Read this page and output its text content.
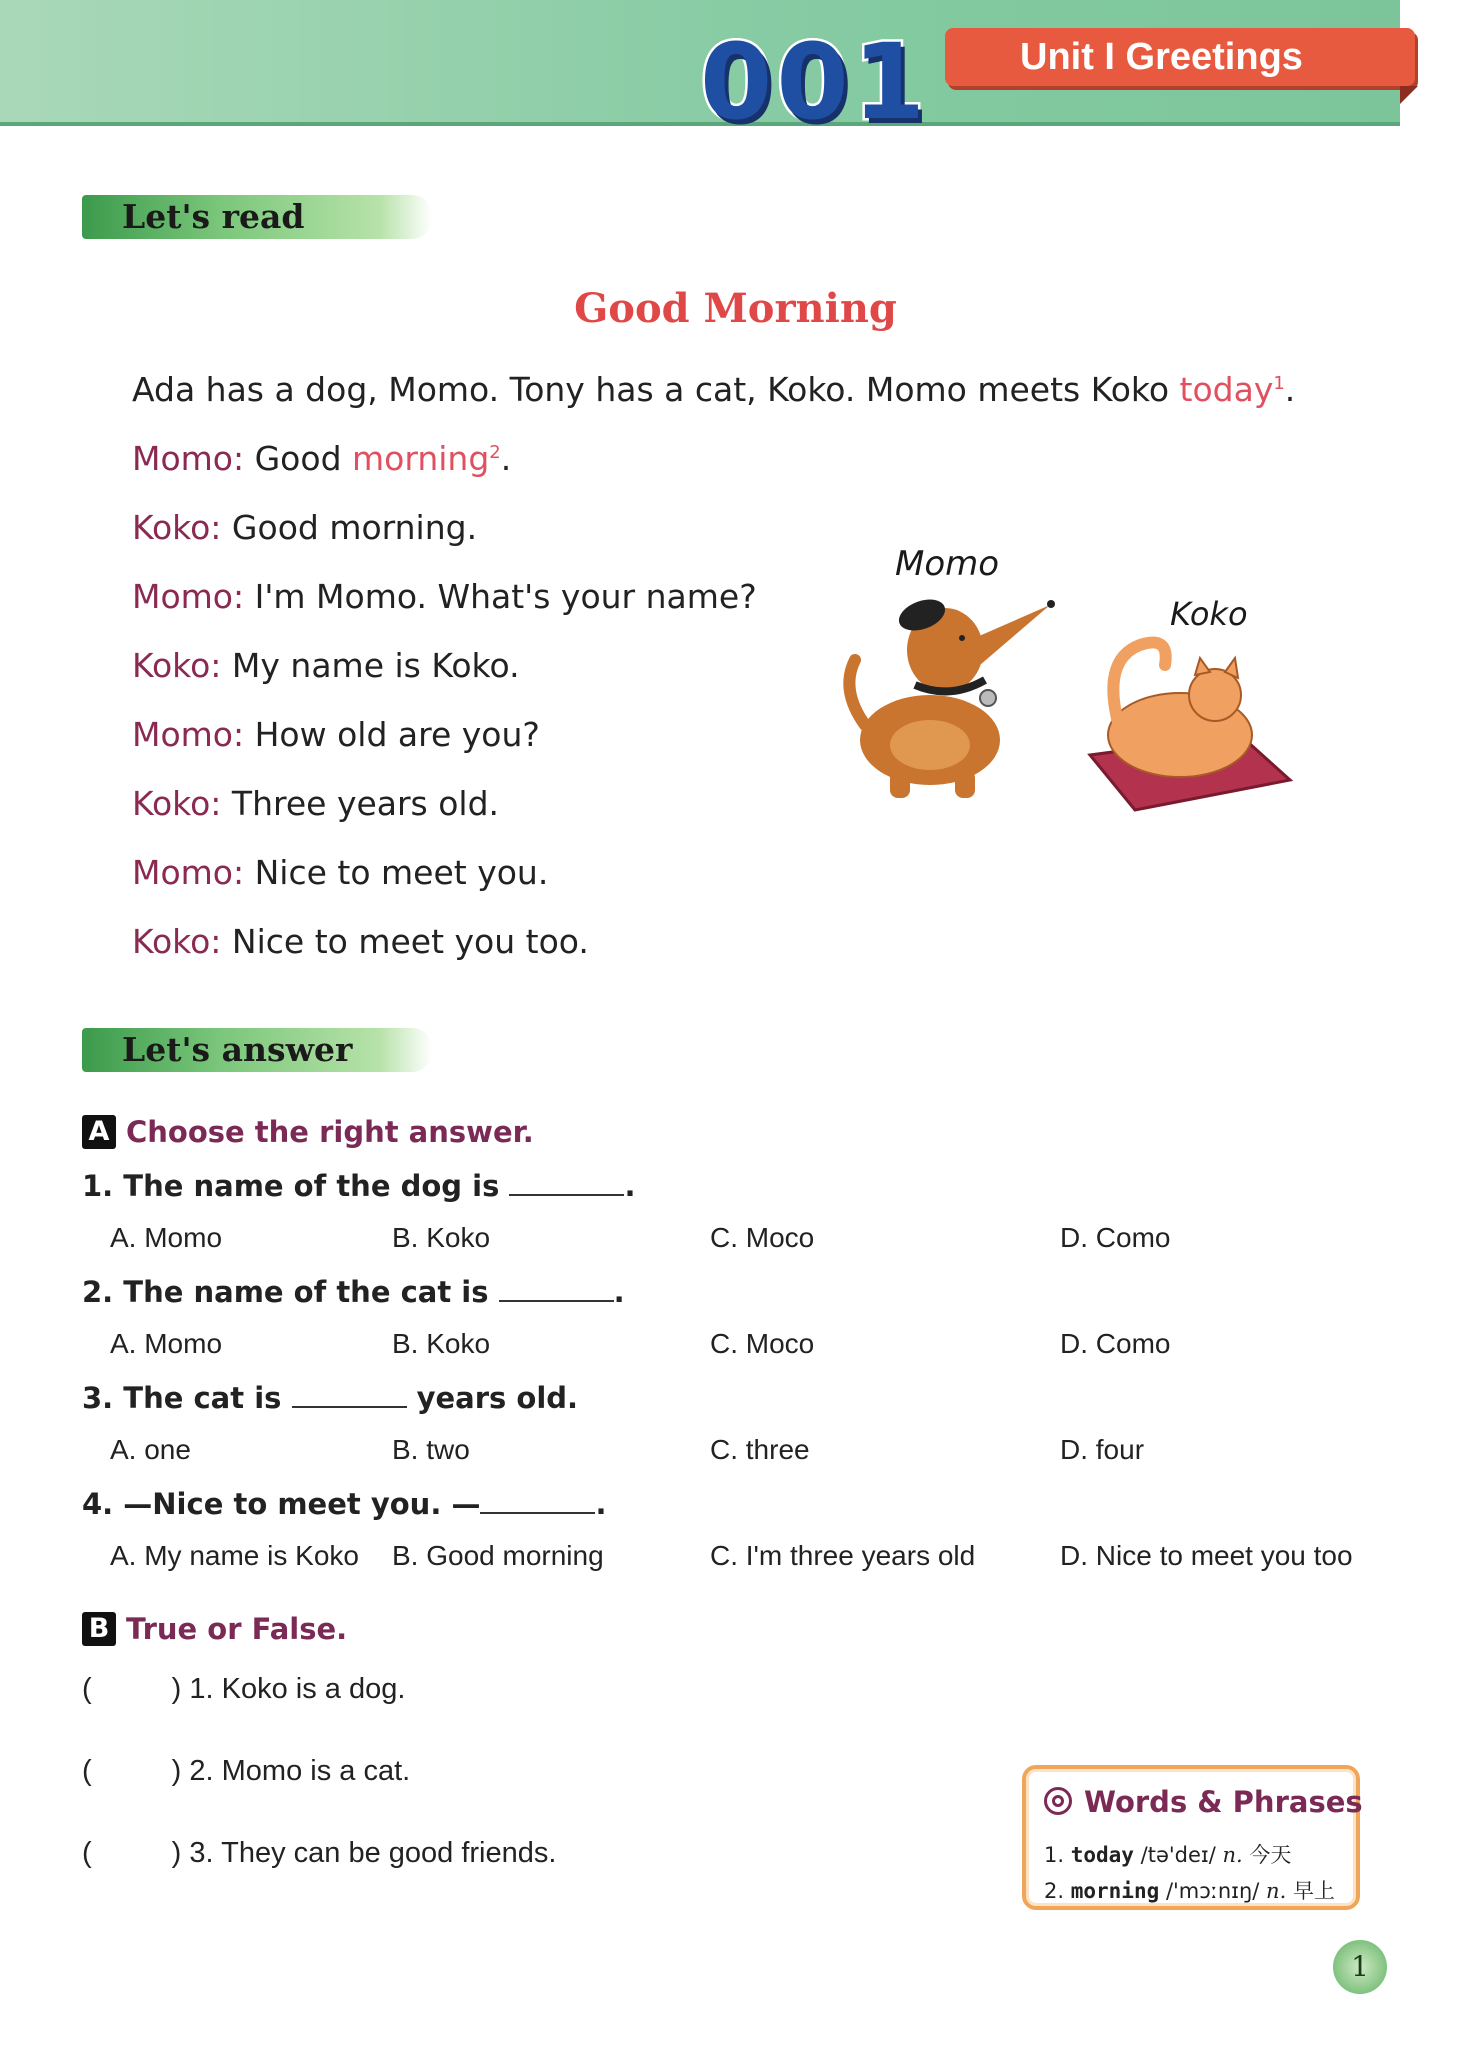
001	Unit I Greetings
Let's read
Good Morning
Ada has a dog, Momo. Tony has a cat, Koko. Momo meets Koko today$^1$.
Momo: Good morning$^2$.
Koko: Good morning.
Momo: I'm Momo. What's your name?
Koko: My name is Koko.
Momo: How old are you?
Koko: Three years old.
Momo: Nice to meet you.
Koko: Nice to meet you too.
Momo
Koko
Let's answer
A Choose the right answer.
1. The name of the dog is	.
A. Momo	B. Koko	C. Moco	D. Como
2. The name of the cat is	.
A. Momo	B. Koko	C. Moco	D. Como
3. The cat is	years old.
A. one	B. two	C. three	D. four
4. —Nice to meet you. —	.
A. My name is Koko B. Good morning	C. I'm three years old	D. Nice to meet you too
B True or False.
(	) 1. Koko is a dog.
(	) 2. Momo is a cat.
(	) 3. They can be good friends.
Words & Phrases
1. today /tə'deɪ/ n. 今天
2. morning /'mɔːnɪŋ/ n. 早上
1
